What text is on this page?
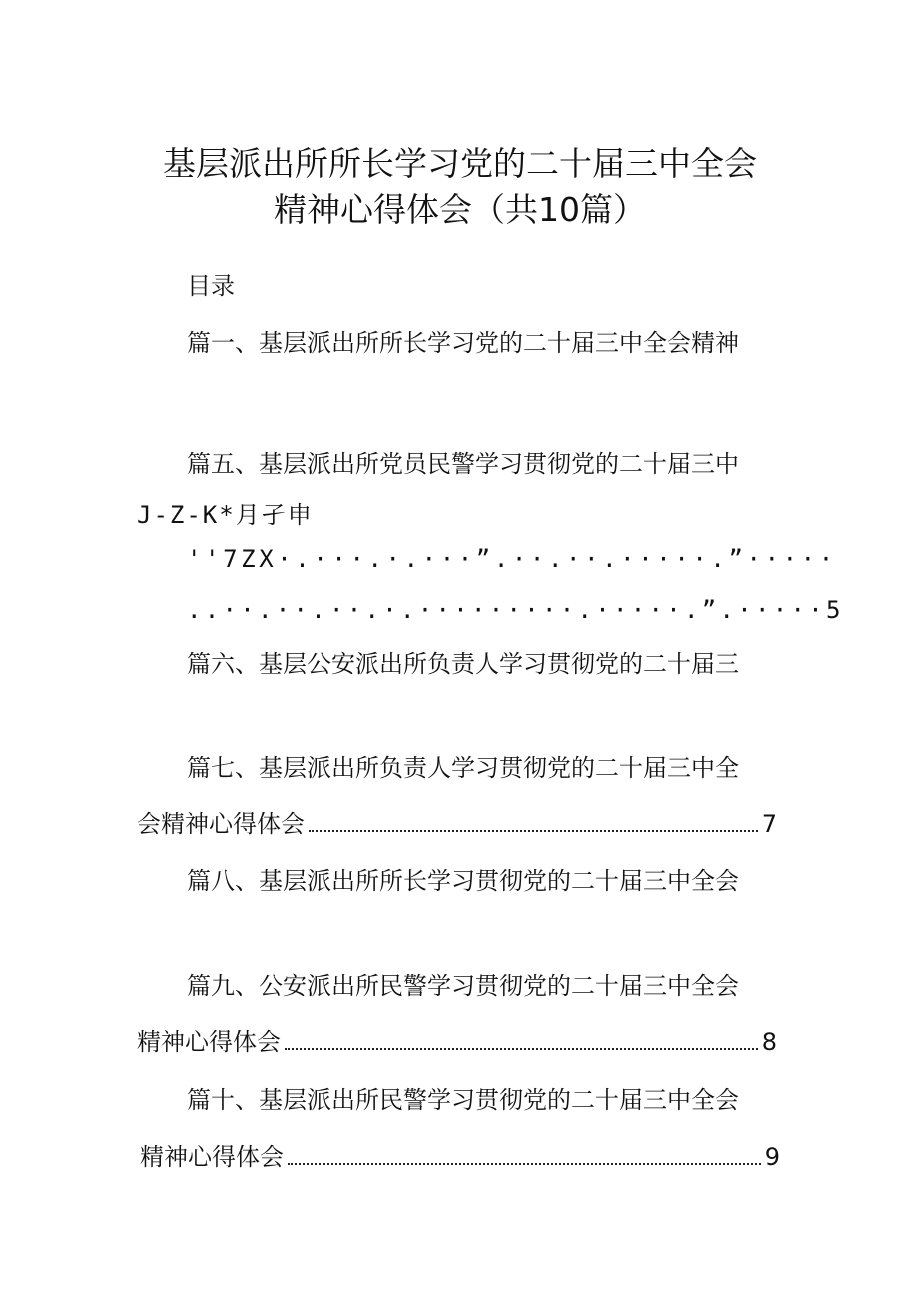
基层派出所所长学习党的二十届三中全会
精神心得体会（共10篇）
目录
篇一、基层派出所所长学习党的二十届三中全会精神
篇五、基层派出所党员民警学习贯彻党的二十届三中
J-Z-K*月孑申
''7ZX·.···.·.···”.··.··.·····.”·····
..··.··.··.·.·········.·····.”.·····5
篇六、基层公安派出所负责人学习贯彻党的二十届三
篇七、基层派出所负责人学习贯彻党的二十届三中全
会精神心得体会	7
篇八、基层派出所所长学习贯彻党的二十届三中全会
篇九、公安派出所民警学习贯彻党的二十届三中全会
精神心得体会	8
篇十、基层派出所民警学习贯彻党的二十届三中全会
精神心得体会	9
